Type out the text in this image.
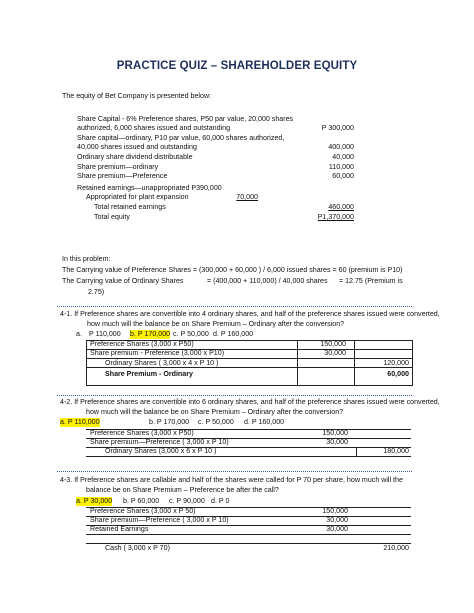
PRACTICE QUIZ – SHAREHOLDER EQUITY
The equity of Bet Company is presented below:
Share Capital - 6% Preference shares, P50 par value, 20,000 shares
authorized, 6,000 shares issued and outstanding	P 300,000
Share capital—ordinary, P10 par value, 60,000 shares authorized,
40,000 shares issued and outstanding	400,000
Ordinary share dividend distributable	40,000
Share premium—ordinary	110,000
Share premium—Preference	60,000
Retained earnings—unappropriated P390,000
Appropriated for plant expansion	70,000
Total retained earnings	460,000
Total equity	P1,370,000
In this problem:
The Carrying value of Preference Shares = (300,000 + 60,000 ) / 6,000 issued shares = 60 (premium is P10)
The Carrying value of Ordinary Shares	= (400,000 + 110,000) / 40,000 shares = 12.75 (Premium is
2.75)
4-1. If Preference shares are convertible into 4 ordinary shares, and half of the preference shares issued were converted,
how much will the balance be on Share Premium – Ordinary after the conversion?
a. P 110,000 b. P 170,000 c. P 50,000 d. P 160,000
Preference Shares (3,000 x P50)	150,000
Share premium - Preference (3,000 x P10)	30,000
Ordinary Shares ( 3,000 x 4 x P 10 )	120,000
Share Premium - Ordinary	60,000
4-2. If Preference shares are convertible into 6 ordinary shares, and half of the preference shares issued were converted,
how much will the balance be on Share Premium – Ordinary after the conversion?
a. P 110,000	b. P 170,000 c. P 50,000 d. P 160,000
Preference Shares (3,000 x P50)	150,000
Share premium—Preference ( 3,000 x P 10)	30,000
Ordinary Shares (3,000 x 6 x P 10 )	180,000
4-3. If Preference shares are callable and half of the shares were called for P 70 per share, how much will the
balance be on Share Premium – Preference be after the call?
a. P 30,000 b. P 60,000 c. P 90,000 d. P 0
Preference Shares (3,000 x P 50)	150,000
Share premium—Preference ( 3,000 x P 10)	30,000
Retained Earnings	30,000
Cash ( 3,000 x P 70)	210,000
